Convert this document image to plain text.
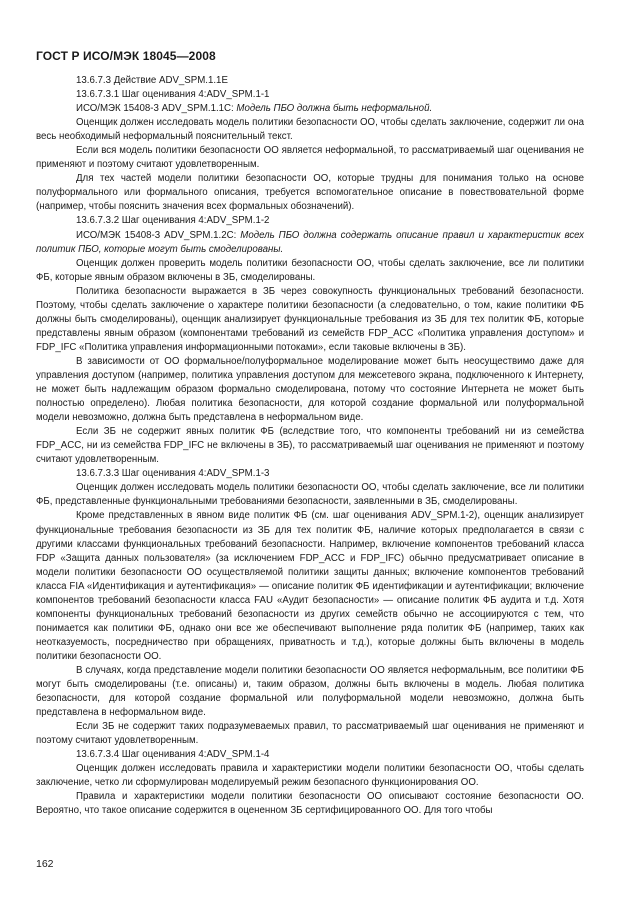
ГОСТ Р ИСО/МЭК 18045—2008

13.6.7.3 Действие ADV_SPM.1.1E

13.6.7.3.1 Шаг оценивания 4:ADV_SPM.1-1

ИСО/МЭК 15408-3 ADV_SPM.1.1С: Модель ПБО должна быть неформальной.

Оценщик должен исследовать модель политики безопасности ОО, чтобы сделать заключение, содержит ли она весь необходимый неформальный пояснительный текст.

Если вся модель политики безопасности ОО является неформальной, то рассматриваемый шаг оценивания не применяют и поэтому считают удовлетворенным.

Для тех частей модели политики безопасности ОО, которые трудны для понимания только на основе полуформального или формального описания, требуется вспомогательное описание в повествовательной форме (например, чтобы пояснить значения всех формальных обозначений).

13.6.7.3.2 Шаг оценивания 4:ADV_SPM.1-2

ИСО/МЭК 15408-3 ADV_SPM.1.2С: Модель ПБО должна содержать описание правил и характеристик всех политик ПБО, которые могут быть смоделированы.

Оценщик должен проверить модель политики безопасности ОО, чтобы сделать заключение, все ли политики ФБ, которые явным образом включены в ЗБ, смоделированы.

Политика безопасности выражается в ЗБ через совокупность функциональных требований безопасности. Поэтому, чтобы сделать заключение о характере политики безопасности (а следовательно, о том, какие политики ФБ должны быть смоделированы), оценщик анализирует функциональные требования из ЗБ для тех политик ФБ, которые представлены явным образом (компонентами требований из семейств FDP_ACC «Политика управления доступом» и FDP_IFC «Политика управления информационными потоками», если таковые включены в ЗБ).

В зависимости от ОО формальное/полуформальное моделирование может быть неосуществимо даже для управления доступом (например, политика управления доступом для межсетевого экрана, подключенного к Интернету, не может быть надлежащим образом формально смоделирована, потому что состояние Интернета не может быть полностью определено). Любая политика безопасности, для которой создание формальной или полуформальной модели невозможно, должна быть представлена в неформальном виде.

Если ЗБ не содержит явных политик ФБ (вследствие того, что компоненты требований ни из семейства FDP_ACC, ни из семейства FDP_IFC не включены в ЗБ), то рассматриваемый шаг оценивания не применяют и поэтому считают удовлетворенным.

13.6.7.3.3 Шаг оценивания 4:ADV_SPM.1-3

Оценщик должен исследовать модель политики безопасности ОО, чтобы сделать заключение, все ли политики ФБ, представленные функциональными требованиями безопасности, заявленными в ЗБ, смоделированы.

Кроме представленных в явном виде политик ФБ (см. шаг оценивания ADV_SPM.1-2), оценщик анализирует функциональные требования безопасности из ЗБ для тех политик ФБ, наличие которых предполагается в связи с другими классами функциональных требований безопасности. Например, включение компонентов требований класса FDP «Защита данных пользователя» (за исключением FDP_ACC и FDP_IFC) обычно предусматривает описание в модели политики безопасности ОО осуществляемой политики защиты данных; включение компонентов требований класса FIA «Идентификация и аутентификация» — описание политик ФБ идентификации и аутентификации; включение компонентов требований безопасности класса FAU «Аудит безопасности» — описание политик ФБ аудита и т.д. Хотя компоненты функциональных требований безопасности из других семейств обычно не ассоциируются с тем, что понимается как политики ФБ, однако они все же обеспечивают выполнение ряда политик ФБ (например, таких как неотказуемость, посредничество при обращениях, приватность и т.д.), которые должны быть включены в модель политики безопасности ОО.

В случаях, когда представление модели политики безопасности ОО является неформальным, все политики ФБ могут быть смоделированы (т.е. описаны) и, таким образом, должны быть включены в модель. Любая политика безопасности, для которой создание формальной или полуформальной модели невозможно, должна быть представлена в неформальном виде.

Если ЗБ не содержит таких подразумеваемых правил, то рассматриваемый шаг оценивания не применяют и поэтому считают удовлетворенным.

13.6.7.3.4 Шаг оценивания 4:ADV_SPM.1-4

Оценщик должен исследовать правила и характеристики модели политики безопасности ОО, чтобы сделать заключение, четко ли сформулирован моделируемый режим безопасного функционирования ОО.

Правила и характеристики модели политики безопасности ОО описывают состояние безопасности ОО. Вероятно, что такое описание содержится в оцененном ЗБ сертифицированного ОО. Для того чтобы

162
